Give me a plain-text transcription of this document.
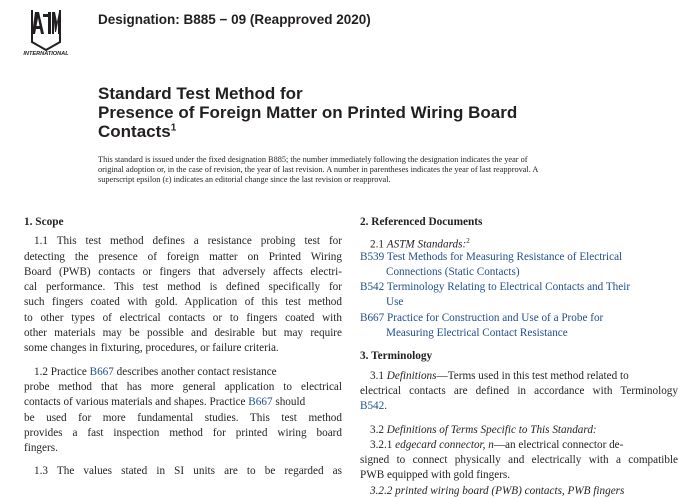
INTERNATIONAL
Designation: B885 − 09 (Reapproved 2020)
Standard Test Method for
Presence of Foreign Matter on Printed Wiring Board
Contacts$^1$

This standard is issued under the fixed designation B885; the number immediately following the designation indicates the year of
original adoption or, in the case of revision, the year of last revision. A number in parentheses indicates the year of last reapproval. A
superscript epsilon (ε) indicates an editorial change since the last revision or reapproval.

1. Scope
1.1 This test method defines a resistance probing test for
detecting the presence of foreign matter on Printed Wiring
Board (PWB) contacts or fingers that adversely affects electri-
cal performance. This test method is defined specifically for
such fingers coated with gold. Application of this test method
to other types of electrical contacts or to fingers coated with
other materials may be possible and desirable but may require
some changes in fixturing, procedures, or failure criteria.
1.2 Practice B667 describes another contact resistance
probe method that has more general application to electrical
contacts of various materials and shapes. Practice B667 should
be used for more fundamental studies. This test method
provides a fast inspection method for printed wiring board
fingers.
1.3 The values stated in SI units are to be regarded as
2. Referenced Documents
2.1 ASTM Standards:$^2$
B539 Test Methods for Measuring Resistance of Electrical
Connections (Static Contacts)
B542 Terminology Relating to Electrical Contacts and Their
Use
B667 Practice for Construction and Use of a Probe for
Measuring Electrical Contact Resistance
3. Terminology
3.1 Definitions—Terms used in this test method related to
electrical contacts are defined in accordance with Terminology
B542.
3.2 Definitions of Terms Specific to This Standard:
3.2.1 edgecard connector, n—an electrical connector de-
signed to connect physically and electrically with a compatible
PWB equipped with gold fingers.
3.2.2 printed wiring board (PWB) contacts, PWB fingers
